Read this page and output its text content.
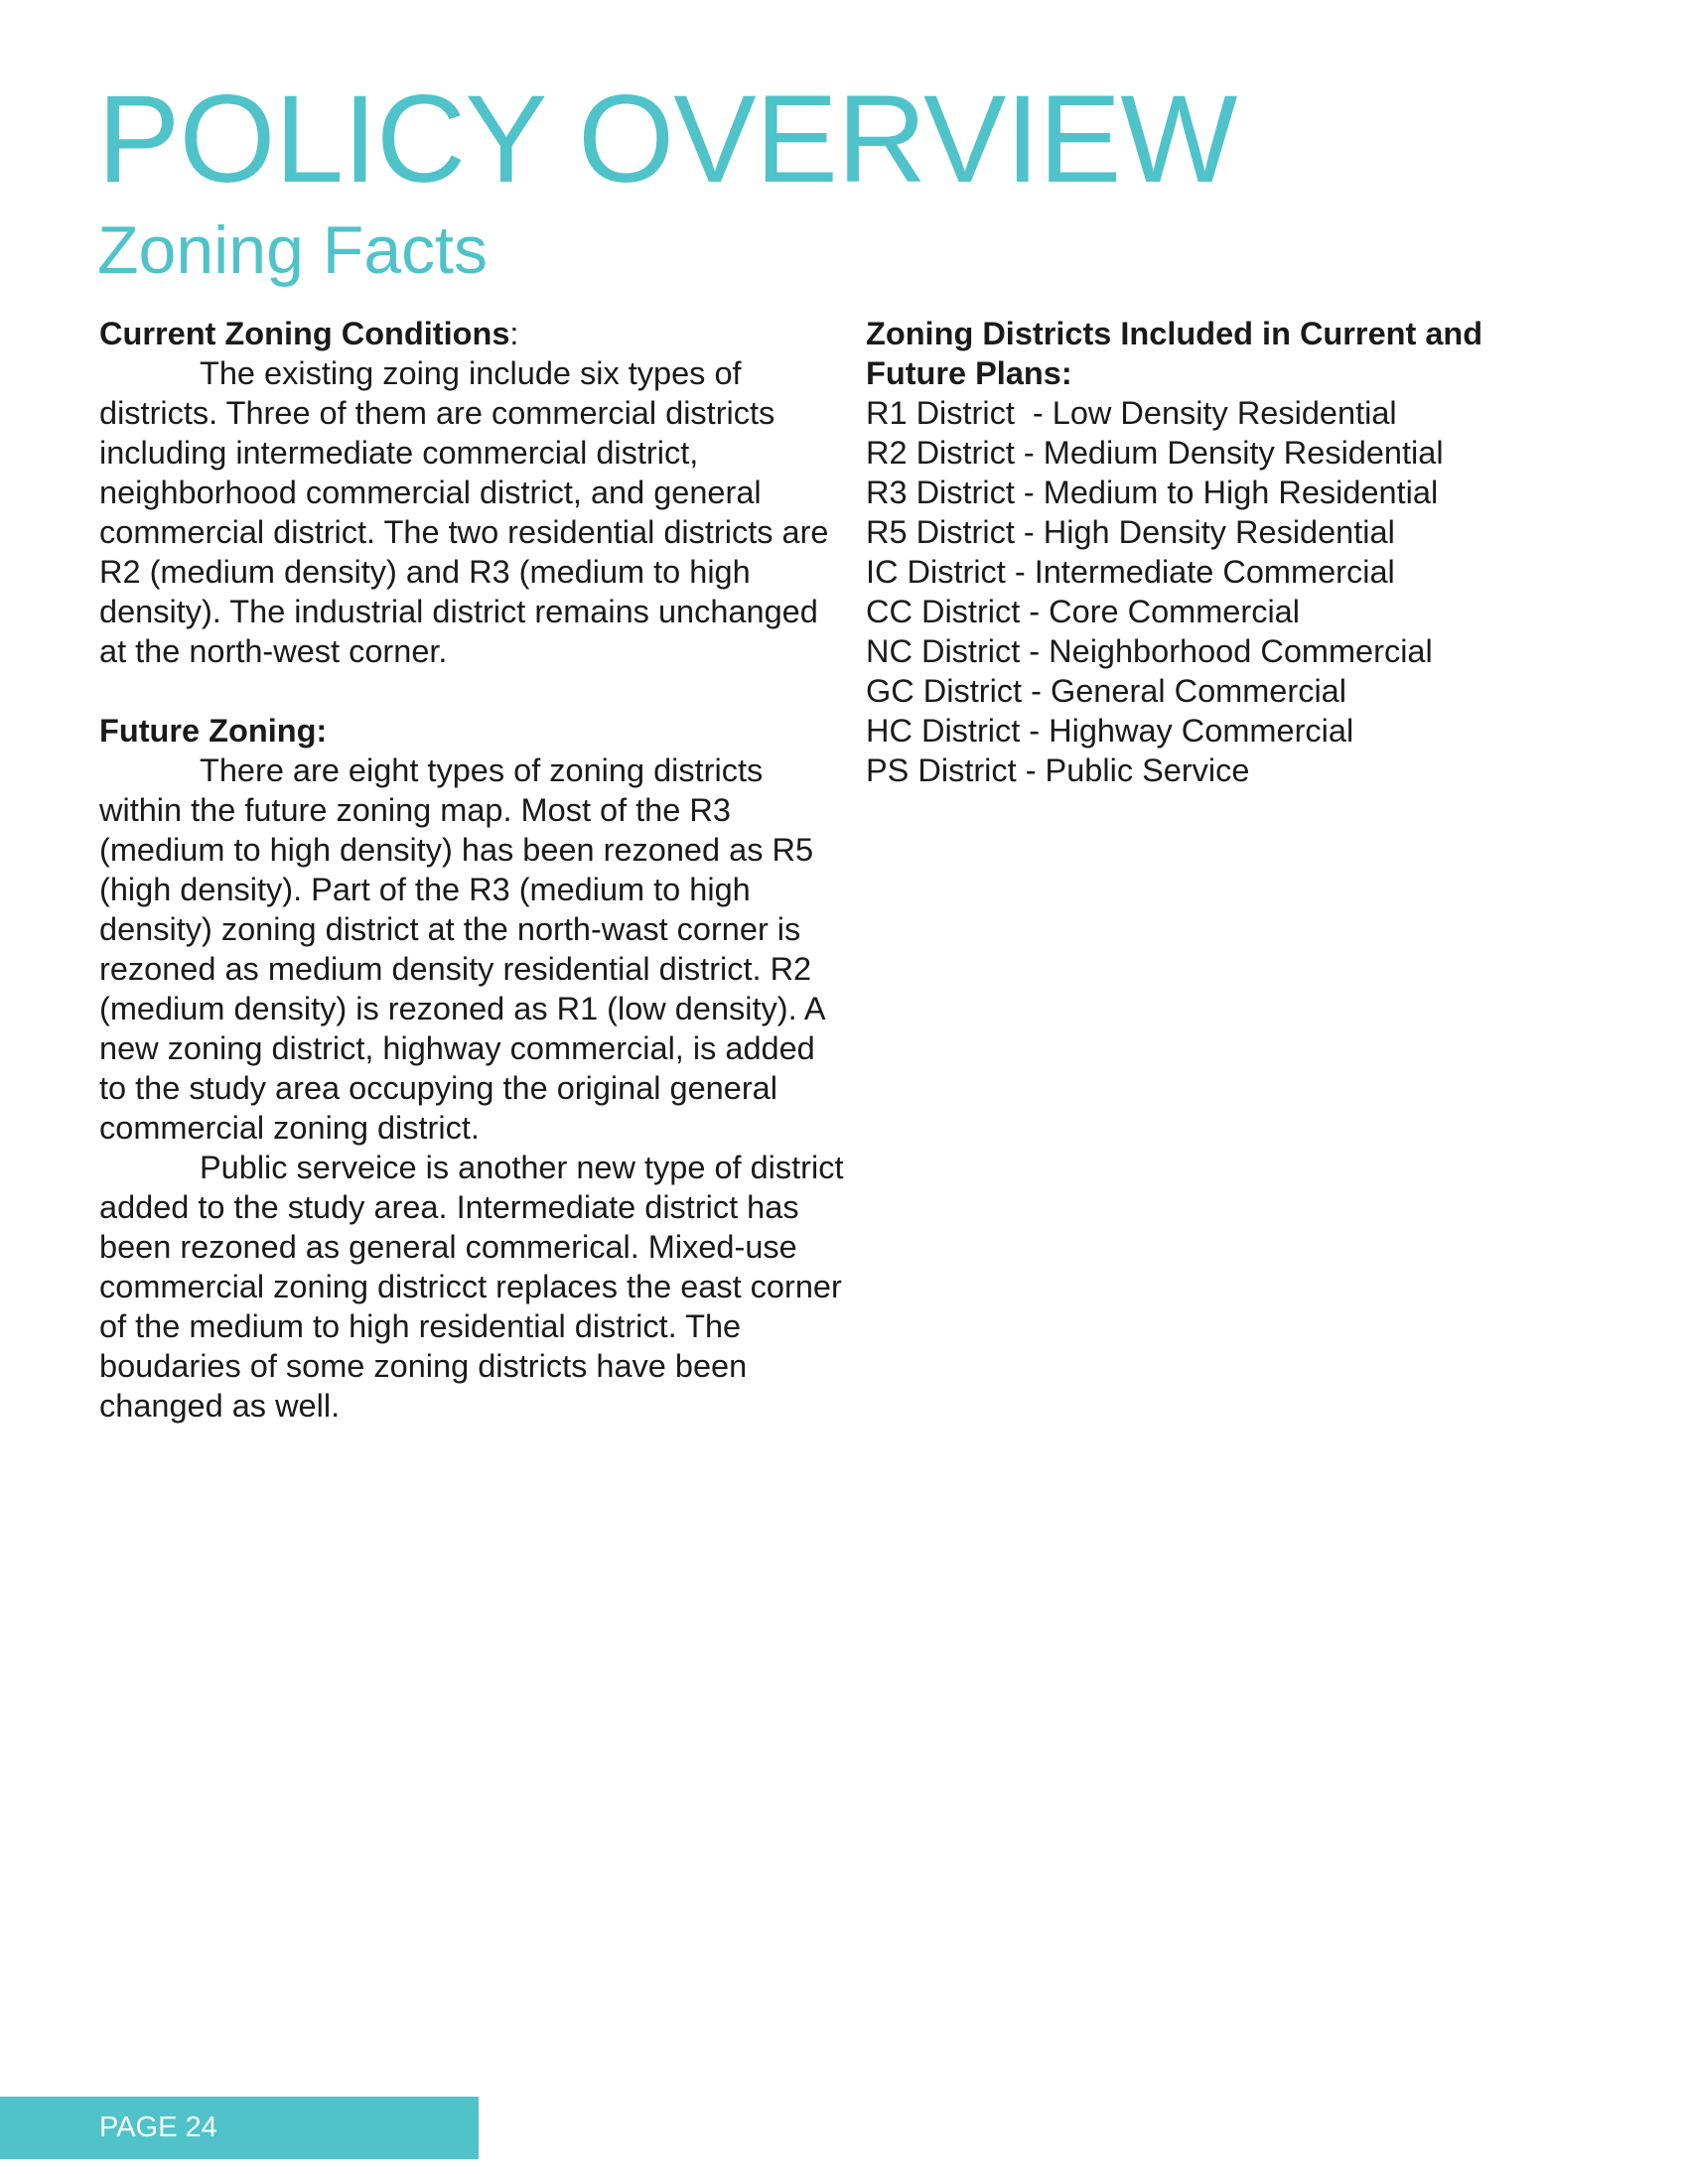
POLICY OVERVIEW
Zoning Facts

Current Zoning Conditions:

The existing zoing include six types of districts. Three of them are commercial districts including intermediate commercial district, neighborhood commercial district, and general commercial district. The two residential districts are R2 (medium density) and R3 (medium to high density). The industrial district remains unchanged at the north-west corner.

Future Zoning:

There are eight types of zoning districts within the future zoning map. Most of the R3 (medium to high density) has been rezoned as R5 (high density). Part of the R3 (medium to high density) zoning district at the north-wast corner is rezoned as medium density residential district. R2 (medium density) is rezoned as R1 (low density). A new zoning district, highway commercial, is added to the study area occupying the original general commercial zoning district.

Public serveice is another new type of district added to the study area. Intermediate district has been rezoned as general commerical. Mixed-use commercial zoning districct replaces the east corner of the medium to high residential district. The boudaries of some zoning districts have been changed as well.

Zoning Districts Included in Current and
Future Plans:

R1 District  - Low Density Residential
R2 District - Medium Density Residential
R3 District - Medium to High Residential
R5 District - High Density Residential
IC District - Intermediate Commercial
CC District - Core Commercial
NC District - Neighborhood Commercial
GC District - General Commercial
HC District - Highway Commercial
PS District - Public Service
PAGE 24
